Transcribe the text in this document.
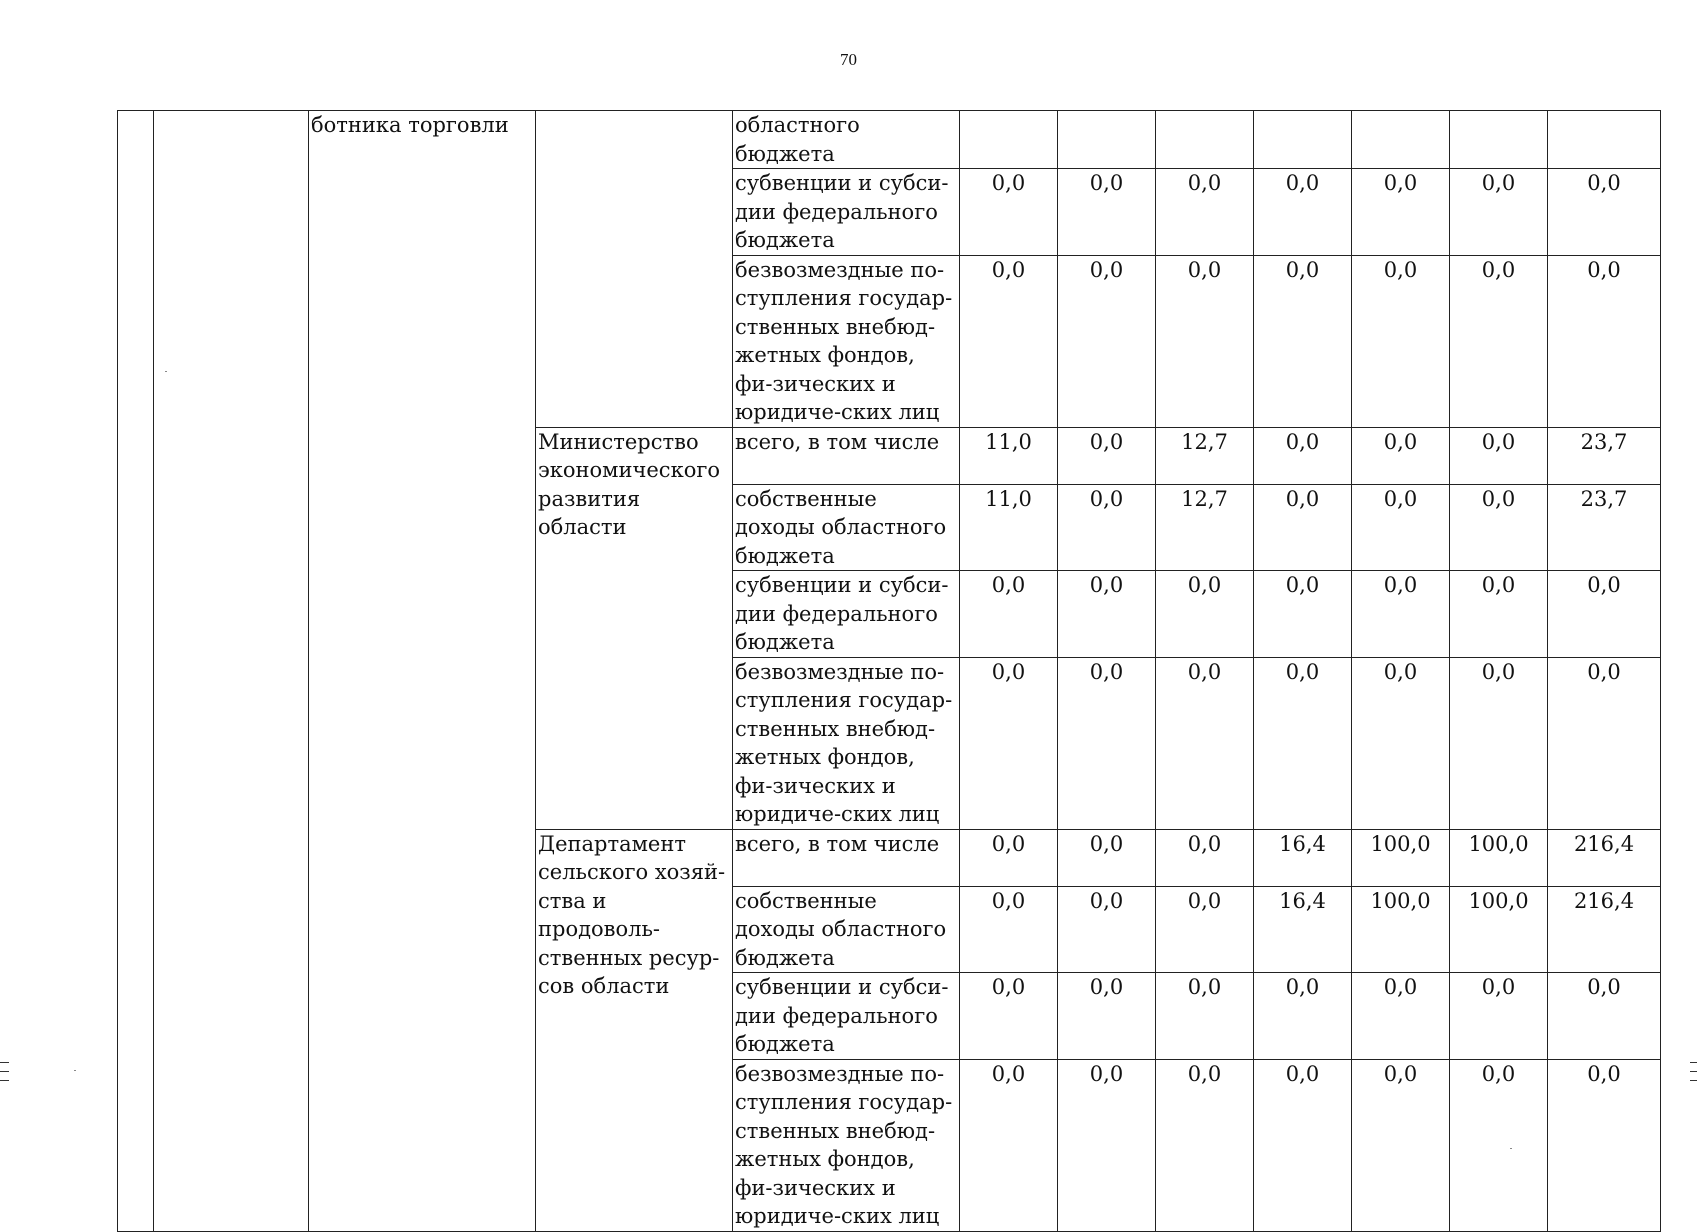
70
		ботника торговли		областного бюджета							
				субвенции и субси-дии федерального бюджета	0,0	0,0	0,0	0,0	0,0	0,0	0,0
				безвозмездные по-ступления государ-ственных внебюд-жетных фондов, фи-зических и юридиче-ских лиц	0,0	0,0	0,0	0,0	0,0	0,0	0,0
			Министерство экономического развития области	всего, в том числе	11,0	0,0	12,7	0,0	0,0	0,0	23,7
				собственные доходы областного бюджета	11,0	0,0	12,7	0,0	0,0	0,0	23,7
				субвенции и субси-дии федерального бюджета	0,0	0,0	0,0	0,0	0,0	0,0	0,0
				безвозмездные по-ступления государ-ственных внебюд-жетных фондов, фи-зических и юридиче-ских лиц	0,0	0,0	0,0	0,0	0,0	0,0	0,0
			Департамент сельского хозяй-ства и продоволь-ственных ресур-сов области	всего, в том числе	0,0	0,0	0,0	16,4	100,0	100,0	216,4
				собственные доходы областного бюджета	0,0	0,0	0,0	16,4	100,0	100,0	216,4
				субвенции и субси-дии федерального бюджета	0,0	0,0	0,0	0,0	0,0	0,0	0,0
				безвозмездные по-ступления государ-ственных внебюд-жетных фондов, фи-зических и юридиче-ских лиц	0,0	0,0	0,0	0,0	0,0	0,0	0,0
